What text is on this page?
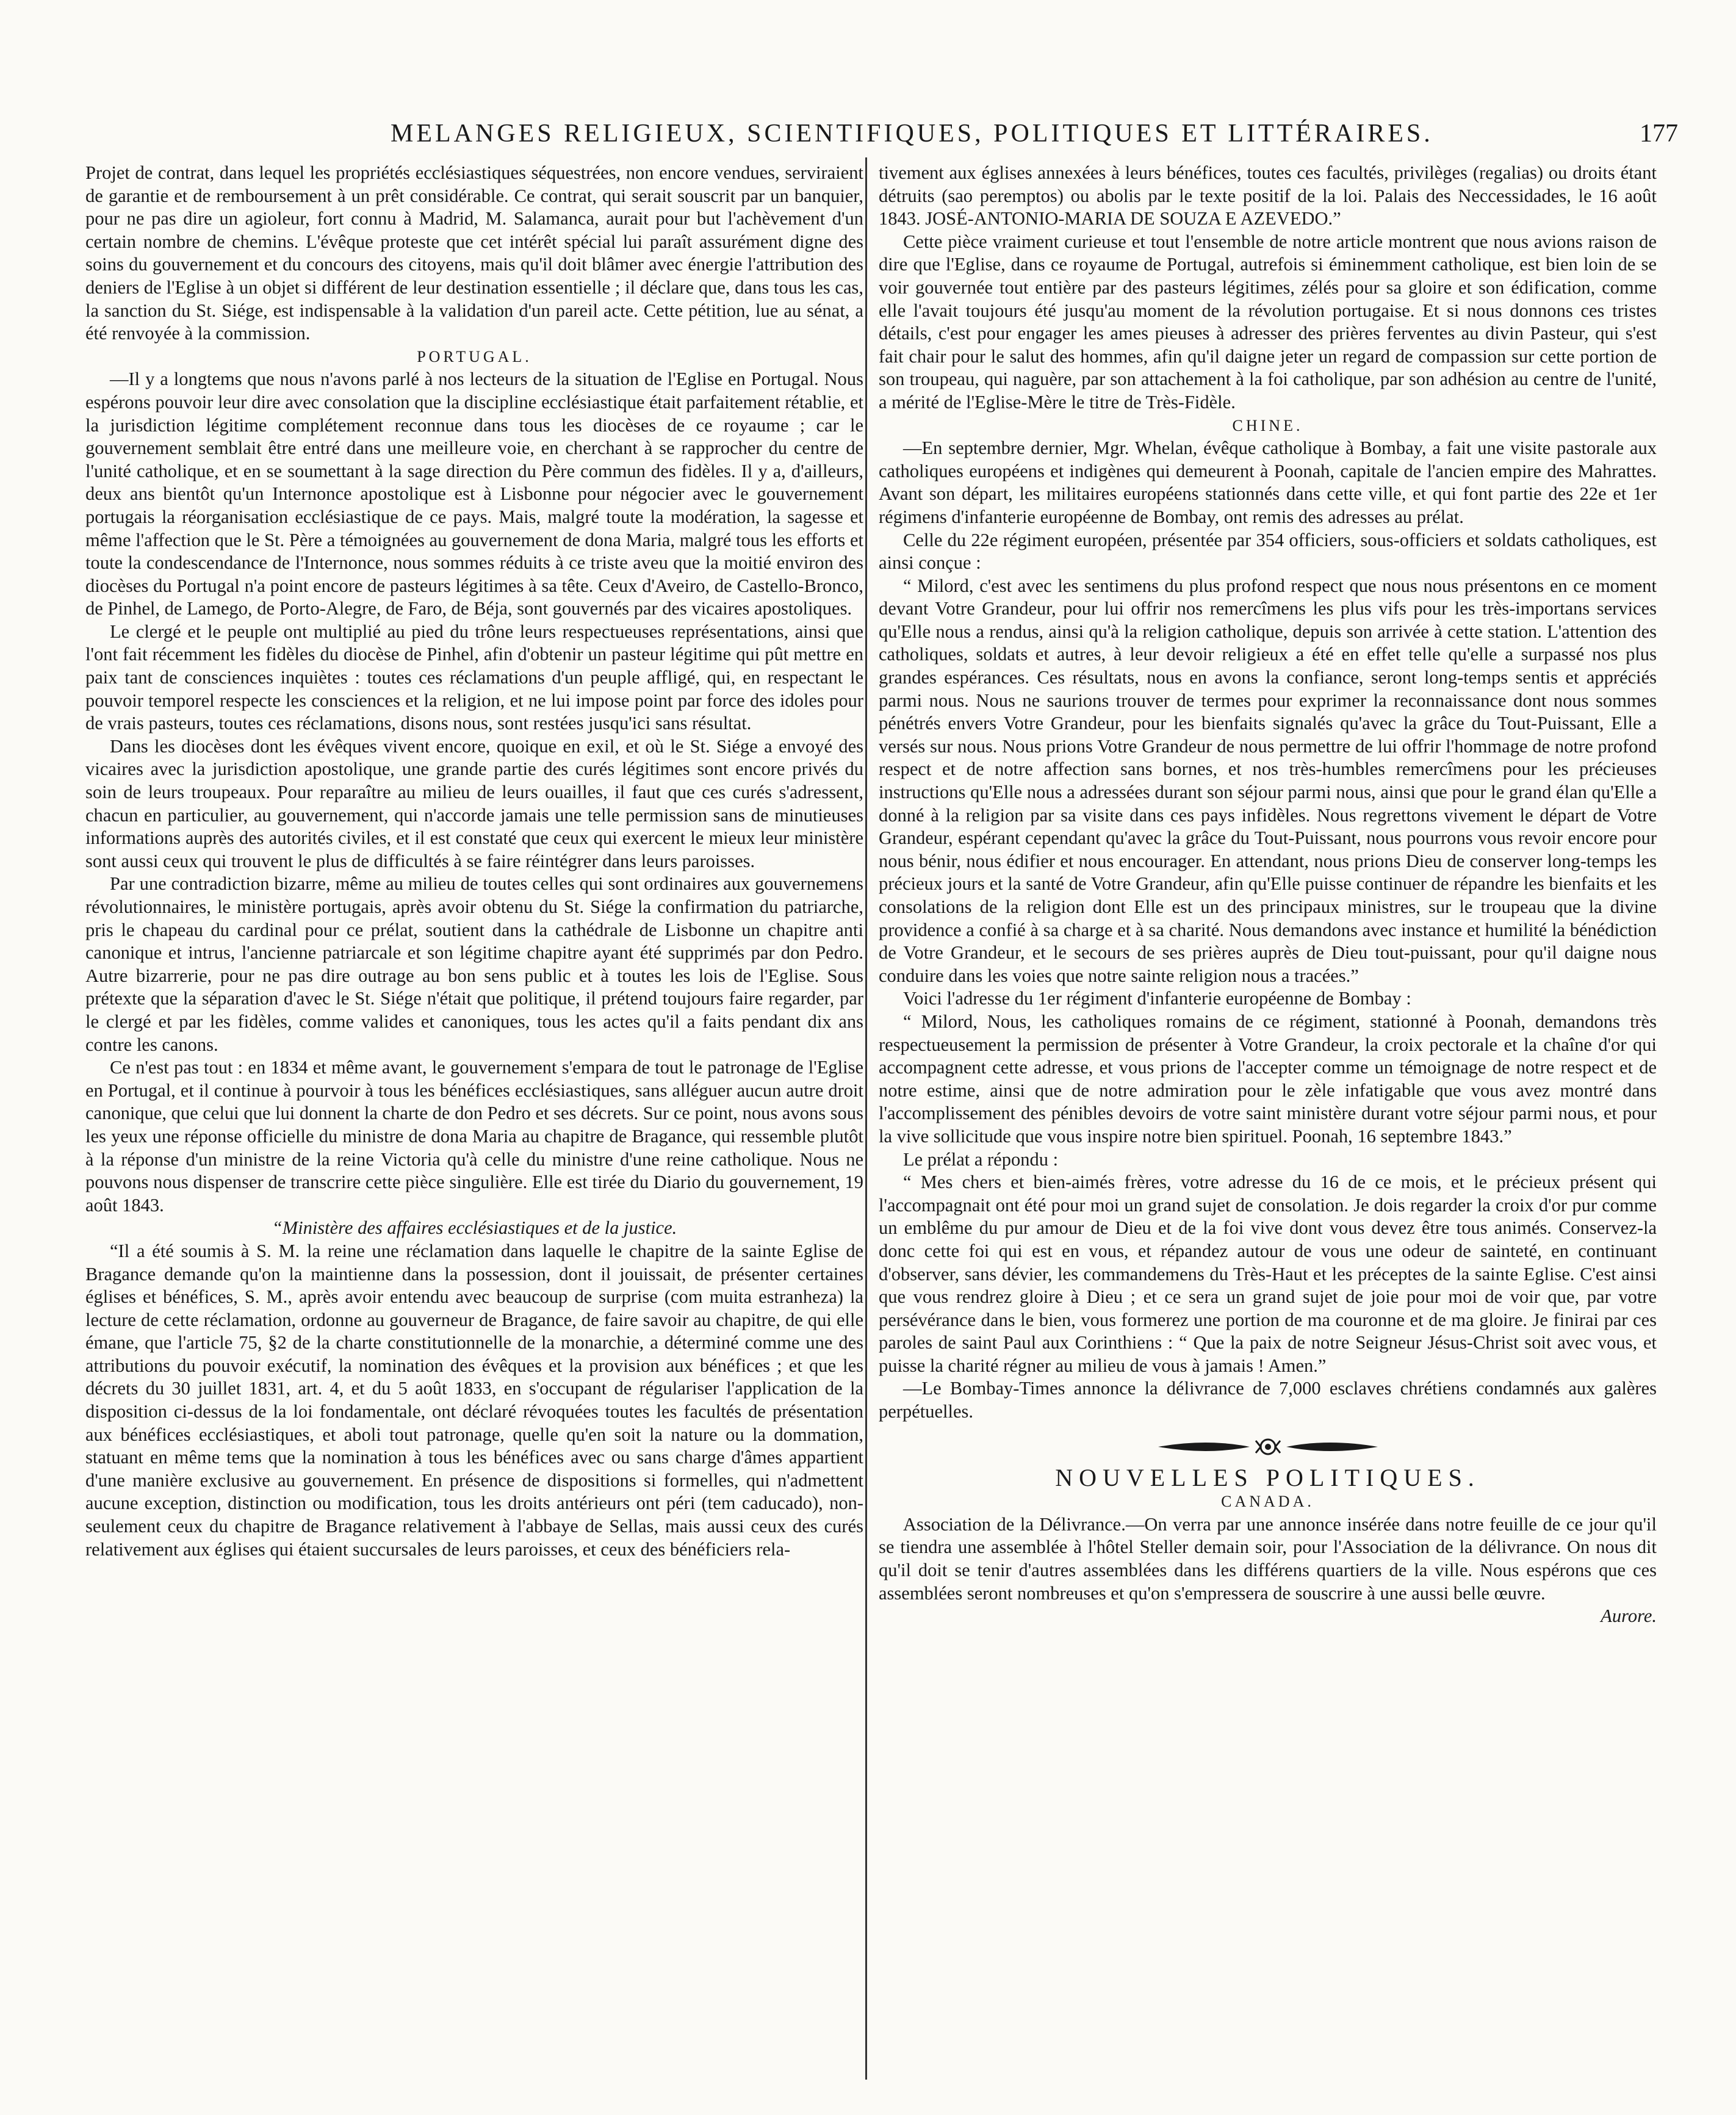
MELANGES RELIGIEUX, SCIENTIFIQUES, POLITIQUES ET LITTÉRAIRES.	177

Projet de contrat, dans lequel les propriétés ecclésiastiques séquestrées, non encore vendues, serviraient de garantie et de remboursement à un prêt considérable. Ce contrat, qui serait souscrit par un banquier, pour ne pas dire un agioleur, fort connu à Madrid, M. Salamanca, aurait pour but l'achèvement d'un certain nombre de chemins. L'évêque proteste que cet intérêt spécial lui paraît assurément digne des soins du gouvernement et du concours des citoyens, mais qu'il doit blâmer avec énergie l'attribution des deniers de l'Eglise à un objet si différent de leur destination essentielle ; il déclare que, dans tous les cas, la sanction du St. Siége, est indispensable à la validation d'un pareil acte. Cette pétition, lue au sénat, a été renvoyée à la commission.

PORTUGAL.

—Il y a longtems que nous n'avons parlé à nos lecteurs de la situation de l'Eglise en Portugal. Nous espérons pouvoir leur dire avec consolation que la discipline ecclésiastique était parfaitement rétablie, et la jurisdiction légitime complétement reconnue dans tous les diocèses de ce royaume ; car le gouvernement semblait être entré dans une meilleure voie, en cherchant à se rapprocher du centre de l'unité catholique, et en se soumettant à la sage direction du Père commun des fidèles. Il y a, d'ailleurs, deux ans bientôt qu'un Internonce apostolique est à Lisbonne pour négocier avec le gouvernement portugais la réorganisation ecclésiastique de ce pays. Mais, malgré toute la modération, la sagesse et même l'affection que le St. Père a témoignées au gouvernement de dona Maria, malgré tous les efforts et toute la condescendance de l'Internonce, nous sommes réduits à ce triste aveu que la moitié environ des diocèses du Portugal n'a point encore de pasteurs légitimes à sa tête. Ceux d'Aveiro, de Castello-Bronco, de Pinhel, de Lamego, de Porto-Alegre, de Faro, de Béja, sont gouvernés par des vicaires apostoliques.

Le clergé et le peuple ont multiplié au pied du trône leurs respectueuses représentations, ainsi que l'ont fait récemment les fidèles du diocèse de Pinhel, afin d'obtenir un pasteur légitime qui pût mettre en paix tant de consciences inquiètes : toutes ces réclamations d'un peuple affligé, qui, en respectant le pouvoir temporel respecte les consciences et la religion, et ne lui impose point par force des idoles pour de vrais pasteurs, toutes ces réclamations, disons nous, sont restées jusqu'ici sans résultat.

Dans les diocèses dont les évêques vivent encore, quoique en exil, et où le St. Siége a envoyé des vicaires avec la jurisdiction apostolique, une grande partie des curés légitimes sont encore privés du soin de leurs troupeaux. Pour reparaître au milieu de leurs ouailles, il faut que ces curés s'adressent, chacun en particulier, au gouvernement, qui n'accorde jamais une telle permission sans de minutieuses informations auprès des autorités civiles, et il est constaté que ceux qui exercent le mieux leur ministère sont aussi ceux qui trouvent le plus de difficultés à se faire réintégrer dans leurs paroisses.

Par une contradiction bizarre, même au milieu de toutes celles qui sont ordinaires aux gouvernemens révolutionnaires, le ministère portugais, après avoir obtenu du St. Siége la confirmation du patriarche, pris le chapeau du cardinal pour ce prélat, soutient dans la cathédrale de Lisbonne un chapitre anti canonique et intrus, l'ancienne patriarcale et son légitime chapitre ayant été supprimés par don Pedro. Autre bizarrerie, pour ne pas dire outrage au bon sens public et à toutes les lois de l'Eglise. Sous prétexte que la séparation d'avec le St. Siége n'était que politique, il prétend toujours faire regarder, par le clergé et par les fidèles, comme valides et canoniques, tous les actes qu'il a faits pendant dix ans contre les canons.

Ce n'est pas tout : en 1834 et même avant, le gouvernement s'empara de tout le patronage de l'Eglise en Portugal, et il continue à pourvoir à tous les bénéfices ecclésiastiques, sans alléguer aucun autre droit canonique, que celui que lui donnent la charte de don Pedro et ses décrets. Sur ce point, nous avons sous les yeux une réponse officielle du ministre de dona Maria au chapitre de Bragance, qui ressemble plutôt à la réponse d'un ministre de la reine Victoria qu'à celle du ministre d'une reine catholique. Nous ne pouvons nous dispenser de transcrire cette pièce singulière. Elle est tirée du Diario du gouvernement, 19 août 1843.

“Ministère des affaires ecclésiastiques et de la justice.

“Il a été soumis à S. M. la reine une réclamation dans laquelle le chapitre de la sainte Eglise de Bragance demande qu'on la maintienne dans la possession, dont il jouissait, de présenter certaines églises et bénéfices, S. M., après avoir entendu avec beaucoup de surprise (com muita estranheza) la lecture de cette réclamation, ordonne au gouverneur de Bragance, de faire savoir au chapitre, de qui elle émane, que l'article 75, §2 de la charte constitutionnelle de la monarchie, a déterminé comme une des attributions du pouvoir exécutif, la nomination des évêques et la provision aux bénéfices ; et que les décrets du 30 juillet 1831, art. 4, et du 5 août 1833, en s'occupant de régulariser l'application de la disposition ci-dessus de la loi fondamentale, ont déclaré révoquées toutes les facultés de présentation aux bénéfices ecclésiastiques, et aboli tout patronage, quelle qu'en soit la nature ou la dommation, statuant en même tems que la nomination à tous les bénéfices avec ou sans charge d'âmes appartient d'une manière exclusive au gouvernement. En présence de dispositions si formelles, qui n'admettent aucune exception, distinction ou modification, tous les droits antérieurs ont péri (tem caducado), non-seulement ceux du chapitre de Bragance relativement à l'abbaye de Sellas, mais aussi ceux des curés relativement aux églises qui étaient succursales de leurs paroisses, et ceux des bénéficiers rela-

tivement aux églises annexées à leurs bénéfices, toutes ces facultés, privilèges (regalias) ou droits étant détruits (sao peremptos) ou abolis par le texte positif de la loi. Palais des Neccessidades, le 16 août 1843. JOSÉ-ANTONIO-MARIA DE SOUZA E AZEVEDO.”

Cette pièce vraiment curieuse et tout l'ensemble de notre article montrent que nous avions raison de dire que l'Eglise, dans ce royaume de Portugal, autrefois si éminemment catholique, est bien loin de se voir gouvernée tout entière par des pasteurs légitimes, zélés pour sa gloire et son édification, comme elle l'avait toujours été jusqu'au moment de la révolution portugaise. Et si nous donnons ces tristes détails, c'est pour engager les ames pieuses à adresser des prières ferventes au divin Pasteur, qui s'est fait chair pour le salut des hommes, afin qu'il daigne jeter un regard de compassion sur cette portion de son troupeau, qui naguère, par son attachement à la foi catholique, par son adhésion au centre de l'unité, a mérité de l'Eglise-Mère le titre de Très-Fidèle.

CHINE.

—En septembre dernier, Mgr. Whelan, évêque catholique à Bombay, a fait une visite pastorale aux catholiques européens et indigènes qui demeurent à Poonah, capitale de l'ancien empire des Mahrattes. Avant son départ, les militaires européens stationnés dans cette ville, et qui font partie des 22e et 1er régimens d'infanterie européenne de Bombay, ont remis des adresses au prélat.

Celle du 22e régiment européen, présentée par 354 officiers, sous-officiers et soldats catholiques, est ainsi conçue :

“ Milord, c'est avec les sentimens du plus profond respect que nous nous présentons en ce moment devant Votre Grandeur, pour lui offrir nos remercîmens les plus vifs pour les très-importans services qu'Elle nous a rendus, ainsi qu'à la religion catholique, depuis son arrivée à cette station. L'attention des catholiques, soldats et autres, à leur devoir religieux a été en effet telle qu'elle a surpassé nos plus grandes espérances. Ces résultats, nous en avons la confiance, seront long-temps sentis et appréciés parmi nous. Nous ne saurions trouver de termes pour exprimer la reconnaissance dont nous sommes pénétrés envers Votre Grandeur, pour les bienfaits signalés qu'avec la grâce du Tout-Puissant, Elle a versés sur nous. Nous prions Votre Grandeur de nous permettre de lui offrir l'hommage de notre profond respect et de notre affection sans bornes, et nos très-humbles remercîmens pour les précieuses instructions qu'Elle nous a adressées durant son séjour parmi nous, ainsi que pour le grand élan qu'Elle a donné à la religion par sa visite dans ces pays infidèles. Nous regrettons vivement le départ de Votre Grandeur, espérant cependant qu'avec la grâce du Tout-Puissant, nous pourrons vous revoir encore pour nous bénir, nous édifier et nous encourager. En attendant, nous prions Dieu de conserver long-temps les précieux jours et la santé de Votre Grandeur, afin qu'Elle puisse continuer de répandre les bienfaits et les consolations de la religion dont Elle est un des principaux ministres, sur le troupeau que la divine providence a confié à sa charge et à sa charité. Nous demandons avec instance et humilité la bénédiction de Votre Grandeur, et le secours de ses prières auprès de Dieu tout-puissant, pour qu'il daigne nous conduire dans les voies que notre sainte religion nous a tracées.”

Voici l'adresse du 1er régiment d'infanterie européenne de Bombay :

“ Milord, Nous, les catholiques romains de ce régiment, stationné à Poonah, demandons très respectueusement la permission de présenter à Votre Grandeur, la croix pectorale et la chaîne d'or qui accompagnent cette adresse, et vous prions de l'accepter comme un témoignage de notre respect et de notre estime, ainsi que de notre admiration pour le zèle infatigable que vous avez montré dans l'accomplissement des pénibles devoirs de votre saint ministère durant votre séjour parmi nous, et pour la vive sollicitude que vous inspire notre bien spirituel. Poonah, 16 septembre 1843.”

Le prélat a répondu :

“ Mes chers et bien-aimés frères, votre adresse du 16 de ce mois, et le précieux présent qui l'accompagnait ont été pour moi un grand sujet de consolation. Je dois regarder la croix d'or pur comme un emblême du pur amour de Dieu et de la foi vive dont vous devez être tous animés. Conservez-la donc cette foi qui est en vous, et répandez autour de vous une odeur de sainteté, en continuant d'observer, sans dévier, les commandemens du Très-Haut et les préceptes de la sainte Eglise. C'est ainsi que vous rendrez gloire à Dieu ; et ce sera un grand sujet de joie pour moi de voir que, par votre persévérance dans le bien, vous formerez une portion de ma couronne et de ma gloire. Je finirai par ces paroles de saint Paul aux Corinthiens : “ Que la paix de notre Seigneur Jésus-Christ soit avec vous, et puisse la charité régner au milieu de vous à jamais ! Amen.”

—Le Bombay-Times annonce la délivrance de 7,000 esclaves chrétiens condamnés aux galères perpétuelles.

NOUVELLES POLITIQUES.
CANADA.

Association de la Délivrance.—On verra par une annonce insérée dans notre feuille de ce jour qu'il se tiendra une assemblée à l'hôtel Steller demain soir, pour l'Association de la délivrance. On nous dit qu'il doit se tenir d'autres assemblées dans les différens quartiers de la ville. Nous espérons que ces assemblées seront nombreuses et qu'on s'empressera de souscrire à une aussi belle œuvre.

Aurore.
